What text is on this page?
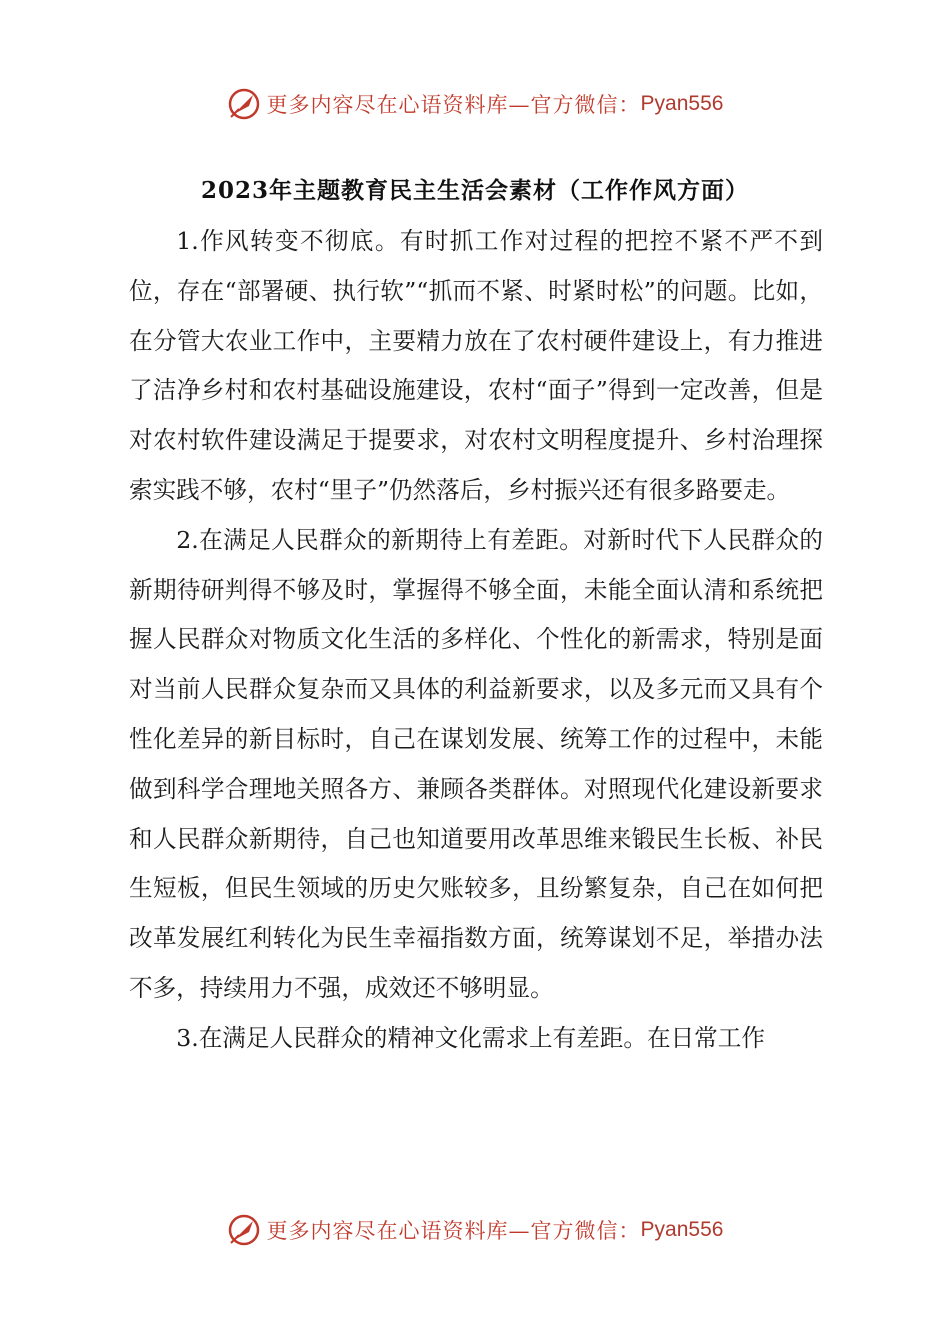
更多内容尽在心语资料库—官方微信： Pyan556
2023年主题教育民主生活会素材（工作作风方面）

1.作风转变不彻底。有时抓工作对过程的把控不紧不严不到位，存在“部署硬、执行软”“抓而不紧、时紧时松”的问题。比如，在分管大农业工作中，主要精力放在了农村硬件建设上，有力推进了洁净乡村和农村基础设施建设，农村“面子”得到一定改善，但是对农村软件建设满足于提要求，对农村文明程度提升、乡村治理探索实践不够，农村“里子”仍然落后，乡村振兴还有很多路要走。

2.在满足人民群众的新期待上有差距。对新时代下人民群众的新期待研判得不够及时，掌握得不够全面，未能全面认清和系统把握人民群众对物质文化生活的多样化、个性化的新需求，特别是面对当前人民群众复杂而又具体的利益新要求，以及多元而又具有个性化差异的新目标时，自己在谋划发展、统筹工作的过程中，未能做到科学合理地关照各方、兼顾各类群体。对照现代化建设新要求和人民群众新期待，自己也知道要用改革思维来锻民生长板、补民生短板，但民生领域的历史欠账较多，且纷繁复杂，自己在如何把改革发展红利转化为民生幸福指数方面，统筹谋划不足，举措办法不多，持续用力不强，成效还不够明显。

3.在满足人民群众的精神文化需求上有差距。在日常工作

更多内容尽在心语资料库—官方微信： Pyan556
